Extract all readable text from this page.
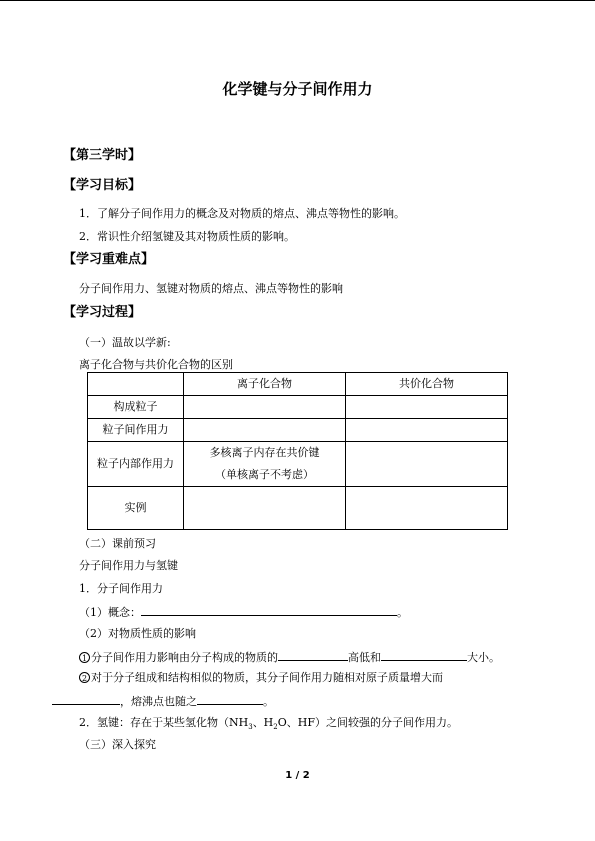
化学键与分子间作用力
【第三学时】
【学习目标】
1．了解分子间作用力的概念及对物质的熔点、沸点等物性的影响。
2．常识性介绍氢键及其对物质性质的影响。
【学习重难点】
分子间作用力、氢键对物质的熔点、沸点等物性的影响
【学习过程】
（一）温故以学新:
离子化合物与共价化合物的区别
	离子化合物	共价化合物
构成粒子		
粒子间作用力		
粒子内部作用力	多核离子内存在共价键
（单核离子不考虑）	

实例		
（二）课前预习
分子间作用力与氢键
1．分子间作用力
（1）概念：	。
（2）对物质性质的影响
1 分子间作用力影响由分子构成的物质的	高低和	大小。
2 对于分子组成和结构相似的物质，其分子间作用力随相对原子质量增大而
，熔沸点也随之	。
2．氢键：存在于某些氢化物（$NH_3$、$H_2O$、HF）之间较强的分子间作用力。
（三）深入探究
1 / 2
